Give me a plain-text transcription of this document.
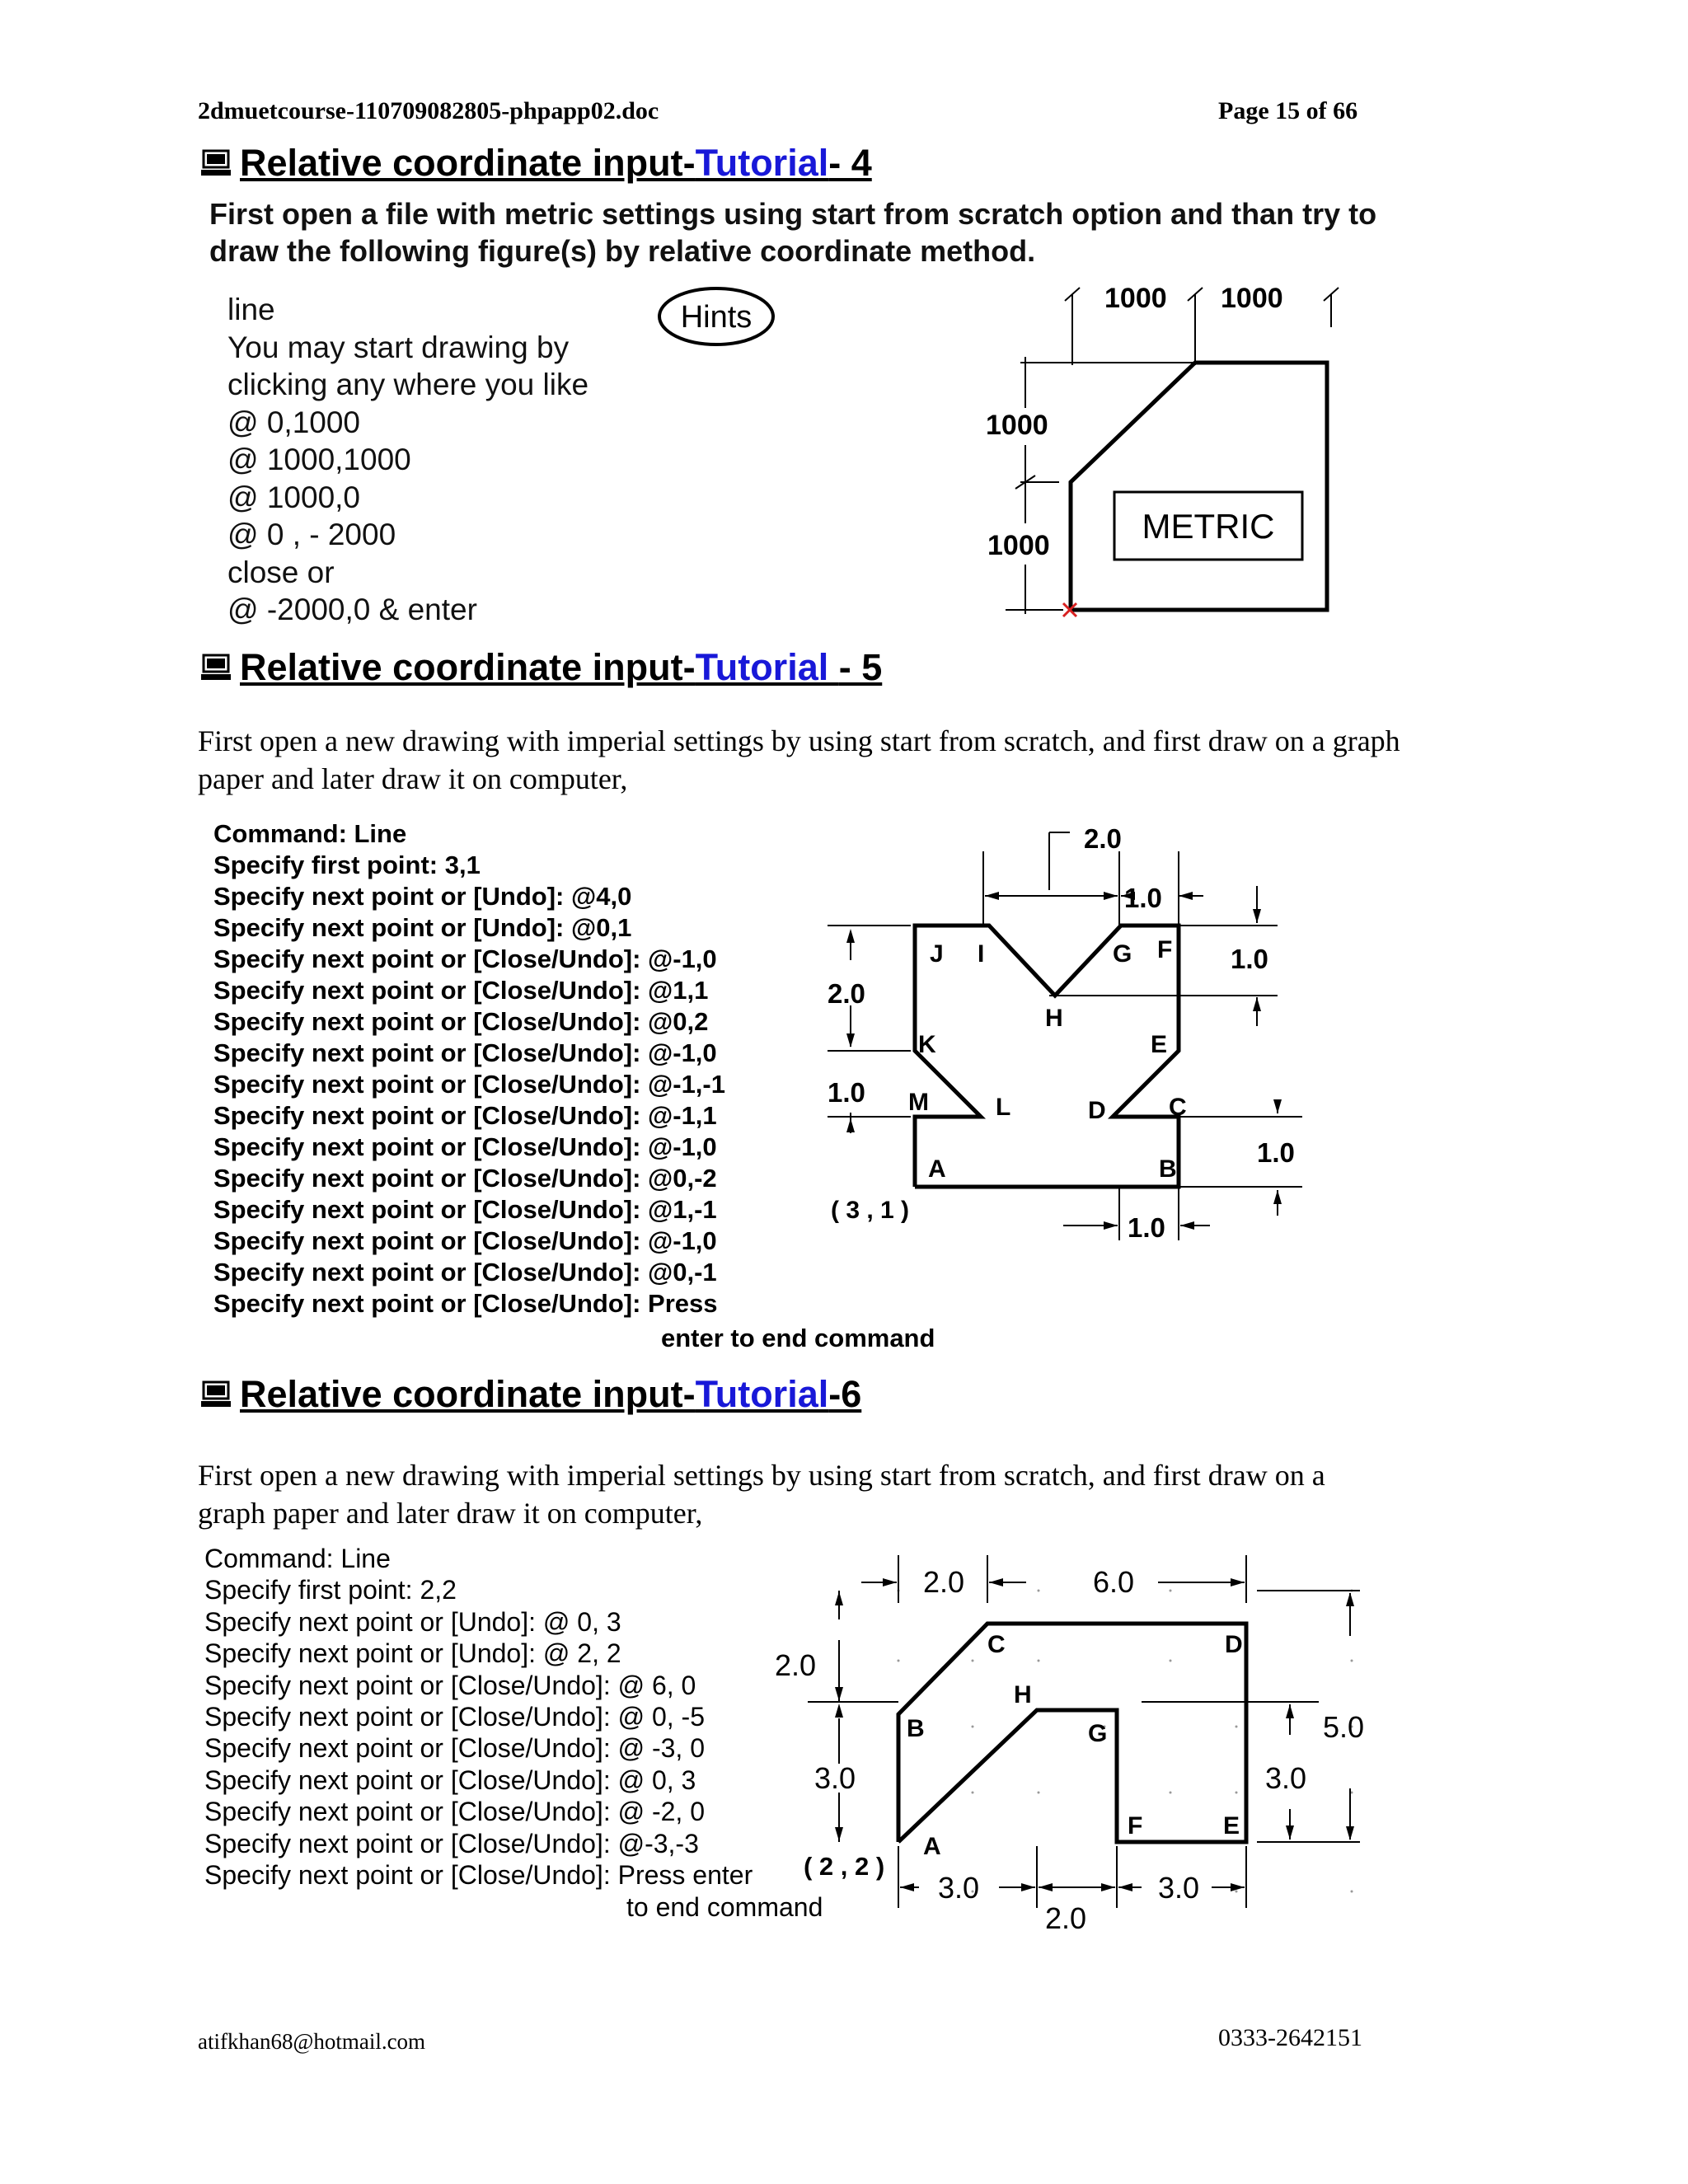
2dmuetcourse-110709082805-phpapp02.doc	Page 15 of 66
Relative coordinate input-Tutorial- 4
First open a file with metric settings using start from scratch option and than try to
draw the following figure(s) by relative coordinate method.
line
You may start drawing by
clicking any where you like
@ 0,1000
@ 1000,1000
@ 1000,0
@ 0 , - 2000
close or
@ -2000,0 & enter
Hints
1000 1000
1000
1000	METRIC
Relative coordinate input-Tutorial - 5
First open a new drawing with imperial settings by using start from scratch, and first draw on a graph
paper and later draw it on computer,
Command: Line
Specify first point: 3,1
Specify next point or [Undo]: @4,0
Specify next point or [Undo]: @0,1
Specify next point or [Close/Undo]: @-1,0
Specify next point or [Close/Undo]: @1,1
Specify next point or [Close/Undo]: @0,2
Specify next point or [Close/Undo]: @-1,0
Specify next point or [Close/Undo]: @-1,-1
Specify next point or [Close/Undo]: @-1,1
Specify next point or [Close/Undo]: @-1,0
Specify next point or [Close/Undo]: @0,-2
Specify next point or [Close/Undo]: @1,-1
Specify next point or [Close/Undo]: @-1,0
Specify next point or [Close/Undo]: @0,-1
Specify next point or [Close/Undo]: Press
enter to end command
2.0
1.0
1.0
2.0
1.0
1.0
1.0
( 3 , 1 )
A	B
C
D
E
F
G
H
I
J
K
L
M
Relative coordinate input-Tutorial-6
First open a new drawing with imperial settings by using start from scratch, and first draw on a
graph paper and later draw it on computer,
Command: Line
Specify first point: 2,2
Specify next point or [Undo]: @ 0, 3
Specify next point or [Undo]: @ 2, 2
Specify next point or [Close/Undo]: @ 6, 0
Specify next point or [Close/Undo]: @ 0, -5
Specify next point or [Close/Undo]: @ -3, 0
Specify next point or [Close/Undo]: @ 0, 3
Specify next point or [Close/Undo]: @ -2, 0
Specify next point or [Close/Undo]: @-3,-3
Specify next point or [Close/Undo]: Press enter
to end command
2.0	6.0
2.0
3.0
5.0
3.0
3.0
2.0
3.0
( 2 , 2 )
A
B
C	D
E
F
G
H
atifkhan68@hotmail.com	0333-2642151
